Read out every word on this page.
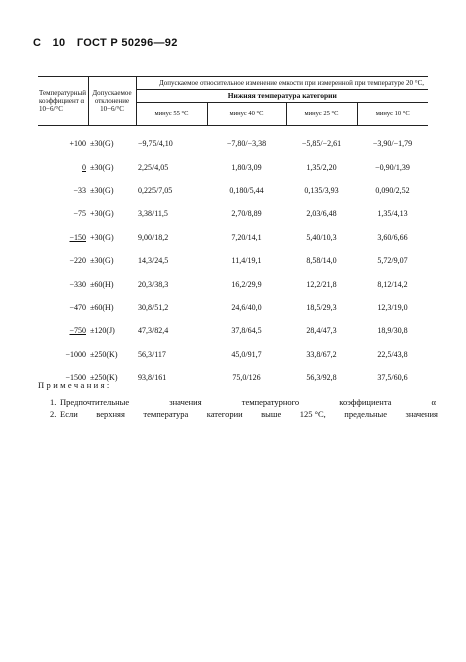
С 10 ГОСТ Р 50296—92
Температурный коэффициент α 10−6/°С	Допускаемое отклонение 10−6/°С	Допускаемое относительное изменение емкости при измеренной при температуре 20 °С,			
		Нижняя температура категории			
		минус 55 °С	минус 40 °С	минус 25 °С	минус 10 °С
+100	±30(G)	−9,75/4,10	−7,80/−3,38	−5,85/−2,61	−3,90/−1,79
0	±30(G)	2,25/4,05	1,80/3,09	1,35/2,20	−0,90/1,39
−33	±30(G)	0,225/7,05	0,180/5,44	0,135/3,93	0,090/2,52
−75	+30(G)	3,38/11,5	2,70/8,89	2,03/6,48	1,35/4,13
−150	+30(G)	9,00/18,2	7,20/14,1	5,40/10,3	3,60/6,66
−220	±30(G)	14,3/24,5	11,4/19,1	8,58/14,0	5,72/9,07
−330	±60(H)	20,3/38,3	16,2/29,9	12,2/21,8	8,12/14,2
−470	±60(H)	30,8/51,2	24,6/40,0	18,5/29,3	12,3/19,0
−750	±120(J)	47,3/82,4	37,8/64,5	28,4/47,3	18,9/30,8
−1000	±250(K)	56,3/117	45,0/91,7	33,8/67,2	22,5/43,8
−1500	±250(K)	93,8/161	75,0/126	56,3/92,8	37,5/60,6
Примечания:
1. Предпочтительные	значения	температурного	коэффициента	α
2. Если верхняя температура категории выше 125 °С, предельные значения
